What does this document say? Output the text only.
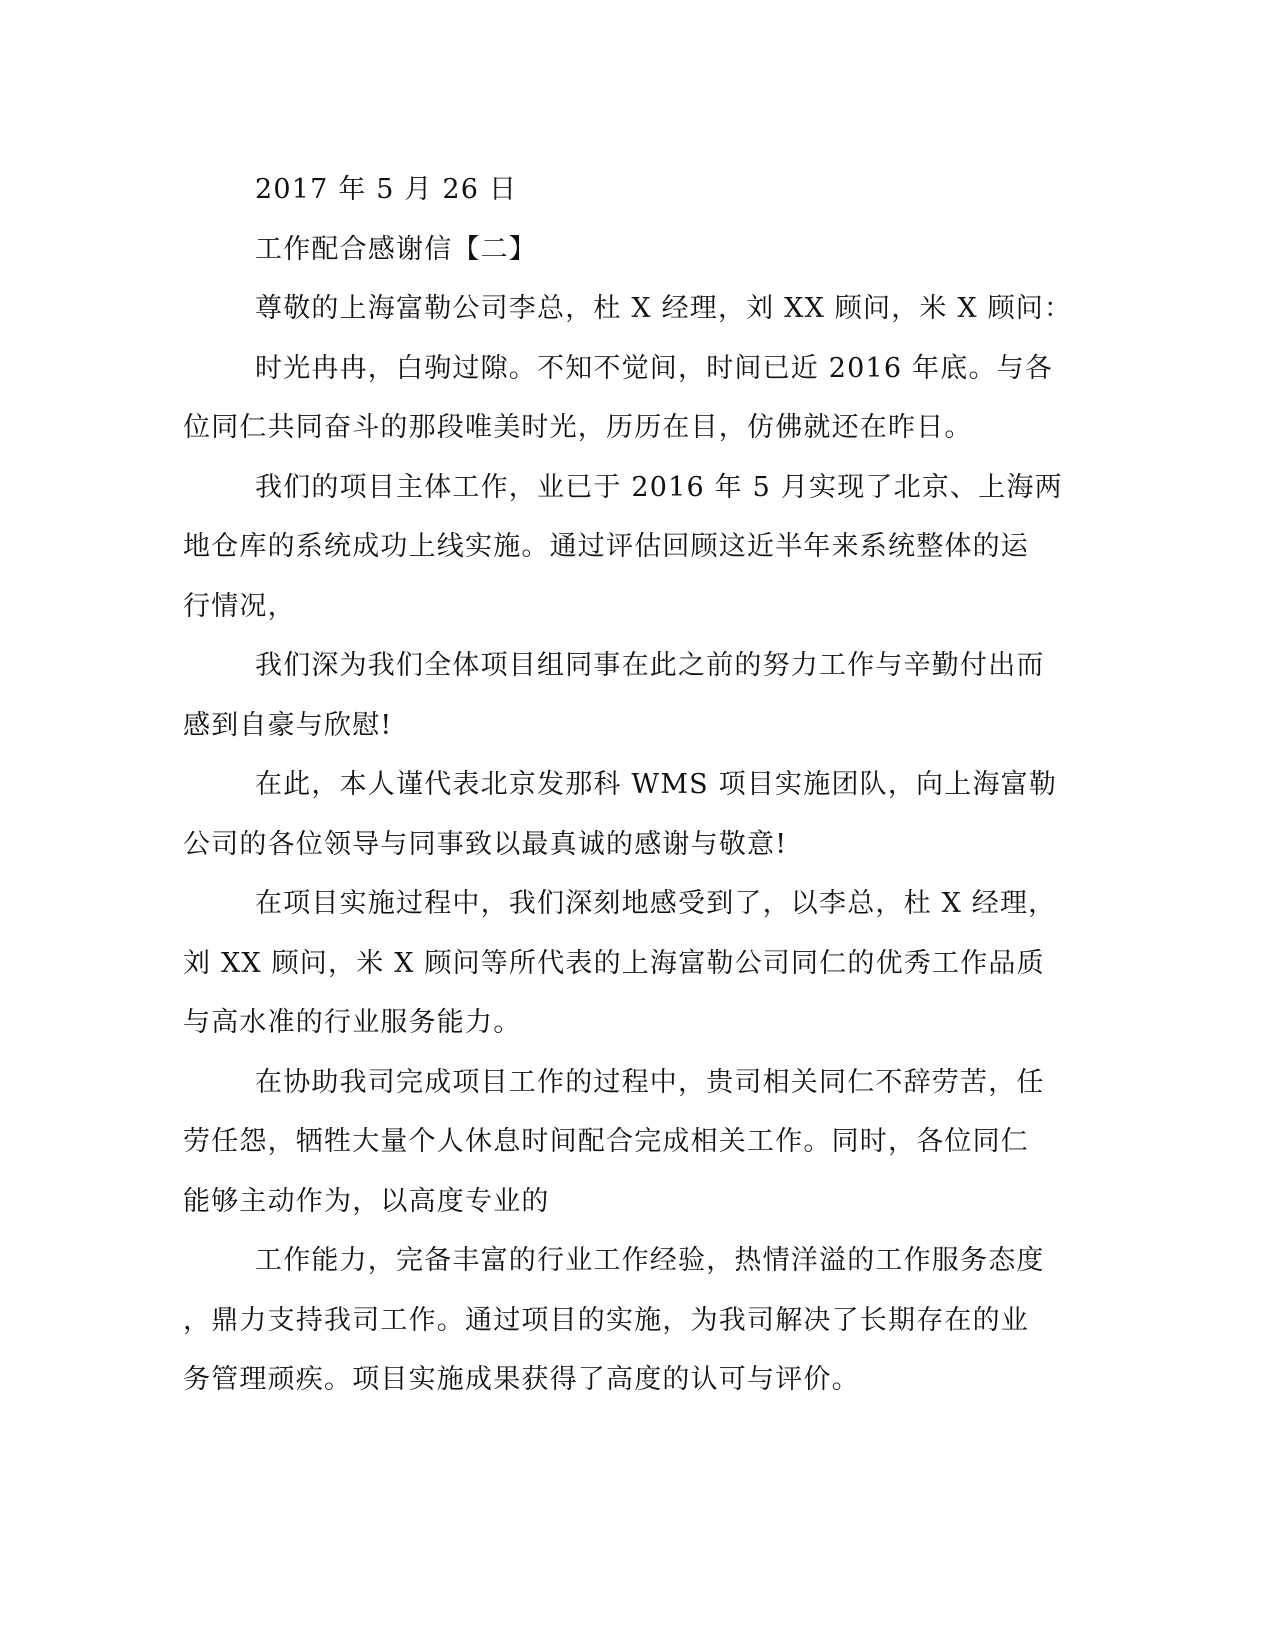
2017 年 5 月 26 日
工作配合感谢信【二】
尊敬的上海富勒公司李总，杜 X 经理，刘 XX 顾问，米 X 顾问：
时光冉冉，白驹过隙。不知不觉间，时间已近 2016 年底。与各
位同仁共同奋斗的那段唯美时光，历历在目，仿佛就还在昨日。
我们的项目主体工作，业已于 2016 年 5 月实现了北京、上海两
地仓库的系统成功上线实施。通过评估回顾这近半年来系统整体的运
行情况，
我们深为我们全体项目组同事在此之前的努力工作与辛勤付出而
感到自豪与欣慰!
在此，本人谨代表北京发那科 WMS 项目实施团队，向上海富勒
公司的各位领导与同事致以最真诚的感谢与敬意!
在项目实施过程中，我们深刻地感受到了，以李总，杜 X 经理，
刘 XX 顾问，米 X 顾问等所代表的上海富勒公司同仁的优秀工作品质
与高水准的行业服务能力。
在协助我司完成项目工作的过程中，贵司相关同仁不辞劳苦，任
劳任怨，牺牲大量个人休息时间配合完成相关工作。同时，各位同仁
能够主动作为，以高度专业的
工作能力，完备丰富的行业工作经验，热情洋溢的工作服务态度
，鼎力支持我司工作。通过项目的实施，为我司解决了长期存在的业
务管理顽疾。项目实施成果获得了高度的认可与评价。
